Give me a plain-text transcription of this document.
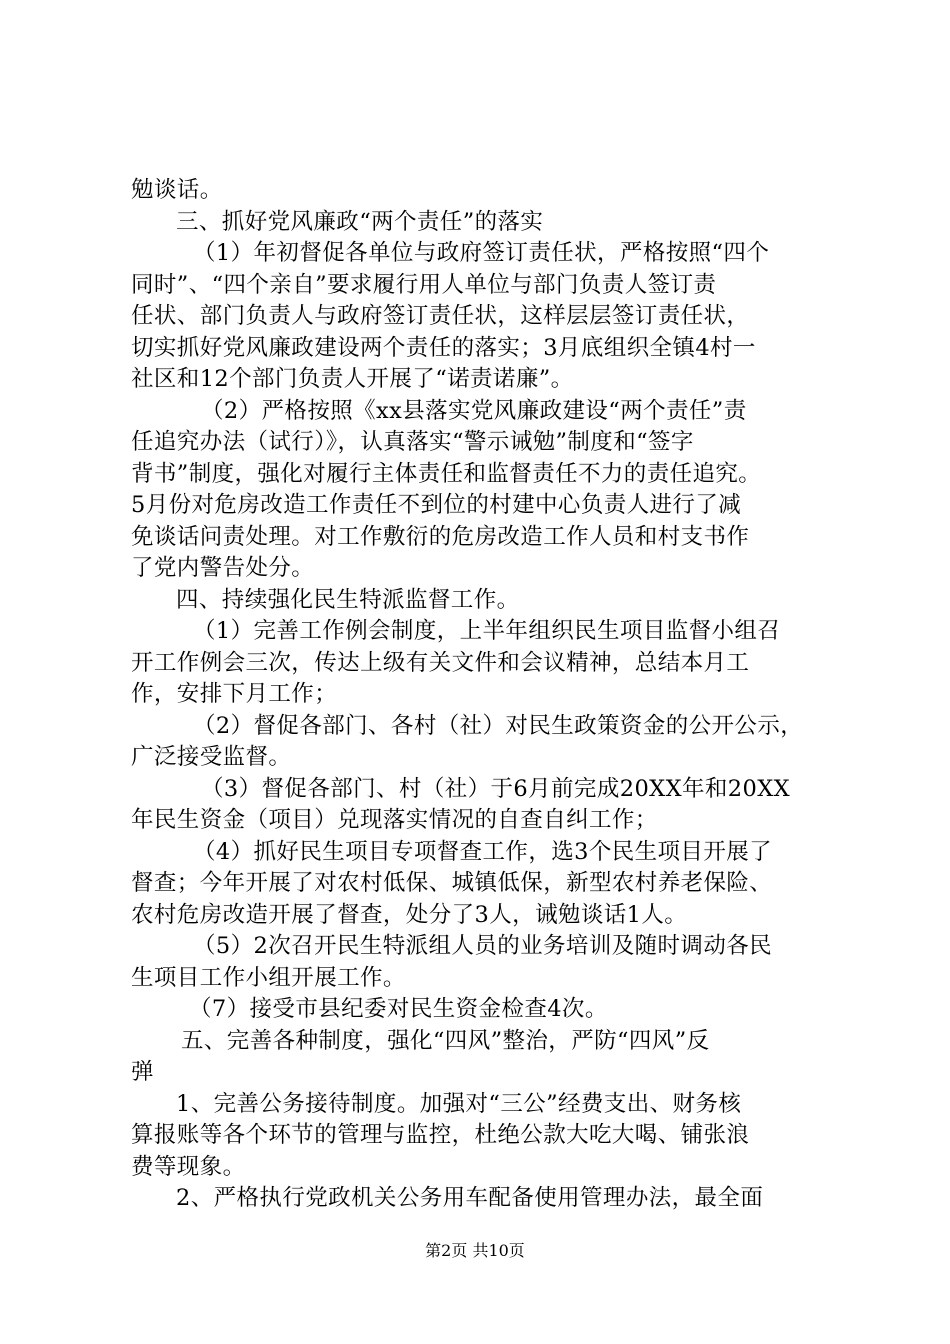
勉谈话。
三、抓好党风廉政“两个责任”的落实
（1）年初督促各单位与政府签订责任状，严格按照“四个
同时”、“四个亲自”要求履行用人单位与部门负责人签订责
任状、部门负责人与政府签订责任状，这样层层签订责任状，
切实抓好党风廉政建设两个责任的落实；3月底组织全镇4村一
社区和12个部门负责人开展了“诺责诺廉”。
（2）严格按照《xx县落实党风廉政建设“两个责任”责
任追究办法（试行）》，认真落实“警示诫勉”制度和“签字
背书”制度，强化对履行主体责任和监督责任不力的责任追究。
5月份对危房改造工作责任不到位的村建中心负责人进行了减
免谈话问责处理。对工作敷衍的危房改造工作人员和村支书作
了党内警告处分。
四、持续强化民生特派监督工作。
（1）完善工作例会制度，上半年组织民生项目监督小组召
开工作例会三次，传达上级有关文件和会议精神，总结本月工
作，安排下月工作；
（2）督促各部门、各村（社）对民生政策资金的公开公示，
广泛接受监督。
（3）督促各部门、村（社）于6月前完成20XX年和20XX
年民生资金（项目）兑现落实情况的自查自纠工作；
（4）抓好民生项目专项督查工作，选3个民生项目开展了
督查；今年开展了对农村低保、城镇低保，新型农村养老保险、
农村危房改造开展了督查，处分了3人，诫勉谈话1人。
（5）2次召开民生特派组人员的业务培训及随时调动各民
生项目工作小组开展工作。
（7）接受市县纪委对民生资金检查4次。
五、完善各种制度，强化“四风”整治，严防“四风”反
弹
1、完善公务接待制度。加强对“三公”经费支出、财务核
算报账等各个环节的管理与监控，杜绝公款大吃大喝、铺张浪
费等现象。
2、严格执行党政机关公务用车配备使用管理办法，最全面
第2页 共10页
